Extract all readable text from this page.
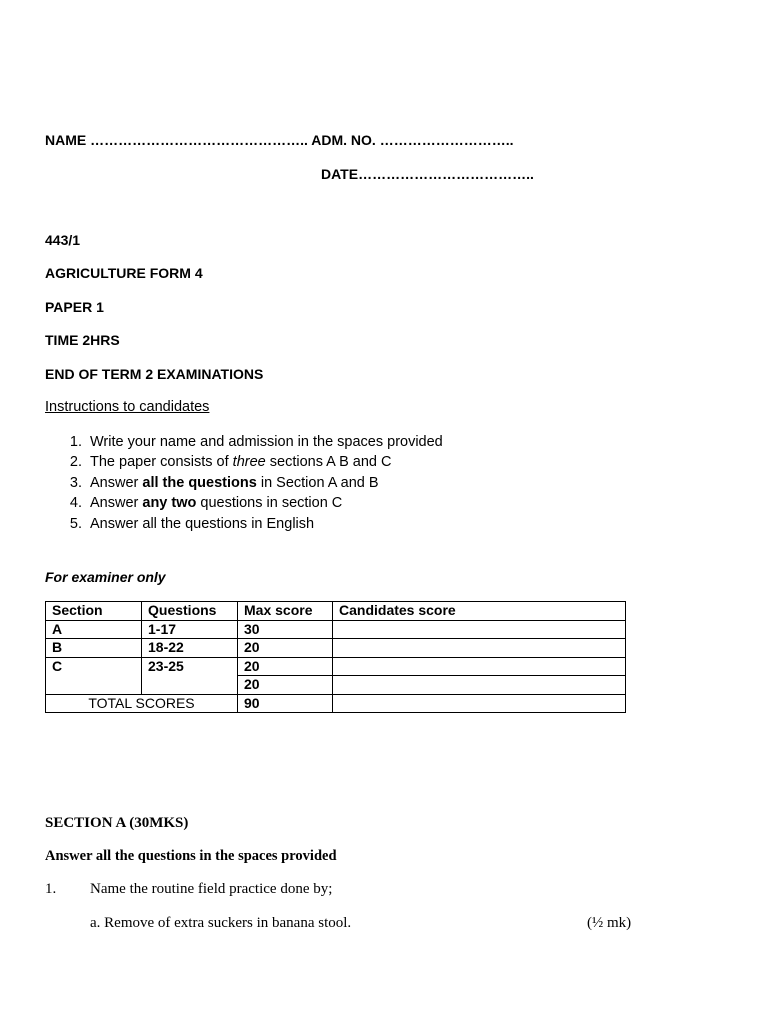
NAME ……………………………………….. ADM. NO. ………………………..
DATE………………………………..
443/1
AGRICULTURE FORM 4
PAPER 1
TIME 2HRS
END OF TERM 2 EXAMINATIONS
Instructions to candidates
1. Write your name and admission in the spaces provided
2. The paper consists of three sections A B and C
3. Answer all the questions in Section A and B
4. Answer any two questions in section C
5. Answer all the questions in English
For examiner only
Section	Questions	Max score	Candidates score
A	1-17	30	
B	18-22	20	
C	23-25	20	
		20	
TOTAL SCORES		90	
SECTION A (30MKS)
Answer all the questions in the spaces provided
1. Name the routine field practice done by;
a. Remove of extra suckers in banana stool.	(½ mk)
